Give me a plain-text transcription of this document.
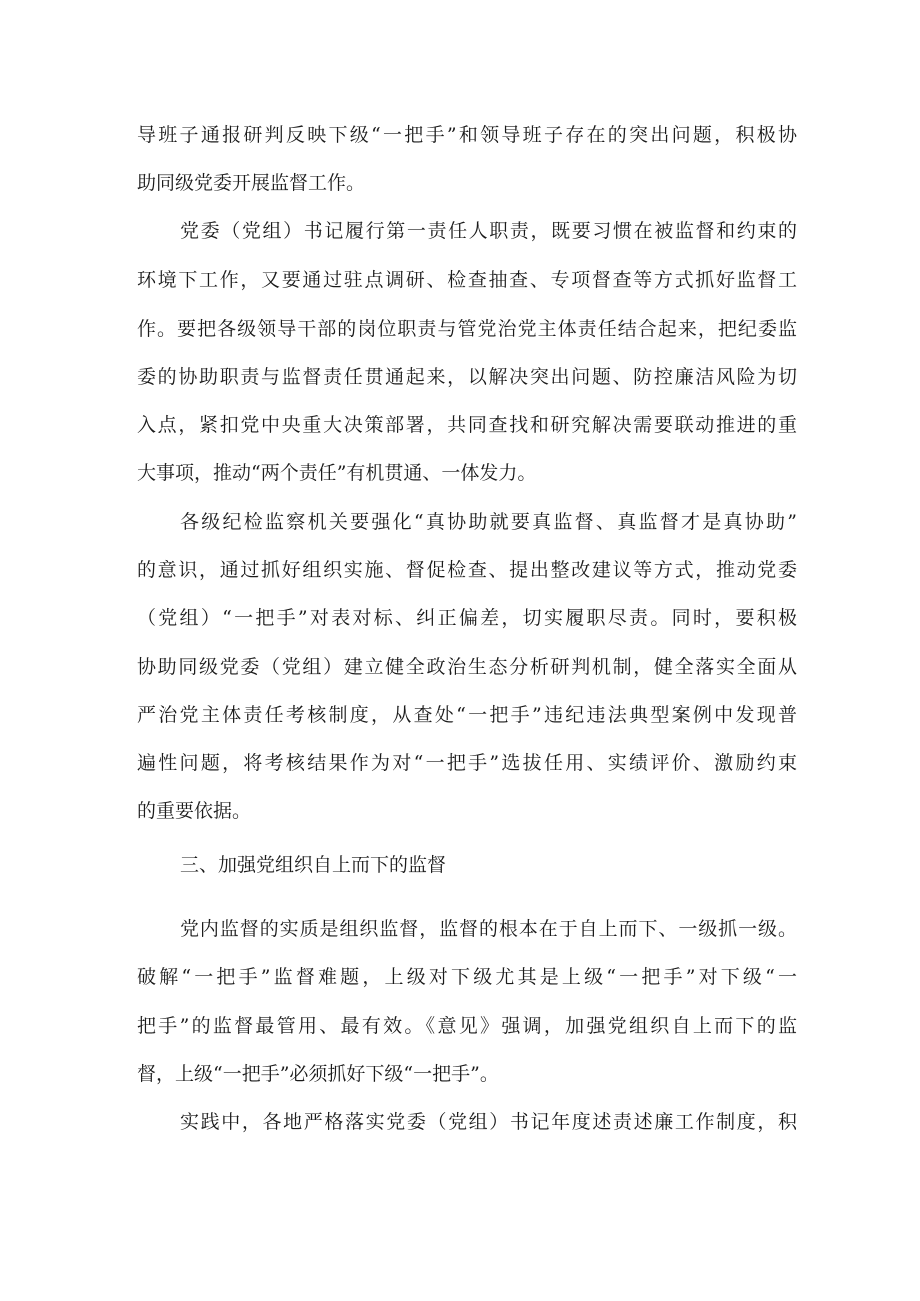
导班子通报研判反映下级“一把手”和领导班子存在的突出问题，积极协
助同级党委开展监督工作。
党委（党组）书记履行第一责任人职责，既要习惯在被监督和约束的
环境下工作，又要通过驻点调研、检查抽查、专项督查等方式抓好监督工
作。要把各级领导干部的岗位职责与管党治党主体责任结合起来，把纪委监
委的协助职责与监督责任贯通起来，以解决突出问题、防控廉洁风险为切
入点，紧扣党中央重大决策部署，共同查找和研究解决需要联动推进的重
大事项，推动“两个责任”有机贯通、一体发力。
各级纪检监察机关要强化“真协助就要真监督、真监督才是真协助”
的意识，通过抓好组织实施、督促检查、提出整改建议等方式，推动党委
（党组）“一把手”对表对标、纠正偏差，切实履职尽责。同时，要积极
协助同级党委（党组）建立健全政治生态分析研判机制，健全落实全面从
严治党主体责任考核制度，从查处“一把手”违纪违法典型案例中发现普
遍性问题，将考核结果作为对“一把手”选拔任用、实绩评价、激励约束
的重要依据。
三、加强党组织自上而下的监督
党内监督的实质是组织监督，监督的根本在于自上而下、一级抓一级。
破解“一把手”监督难题，上级对下级尤其是上级“一把手”对下级“一
把手”的监督最管用、最有效。《意见》强调，加强党组织自上而下的监
督，上级“一把手”必须抓好下级“一把手”。
实践中，各地严格落实党委（党组）书记年度述责述廉工作制度，积
